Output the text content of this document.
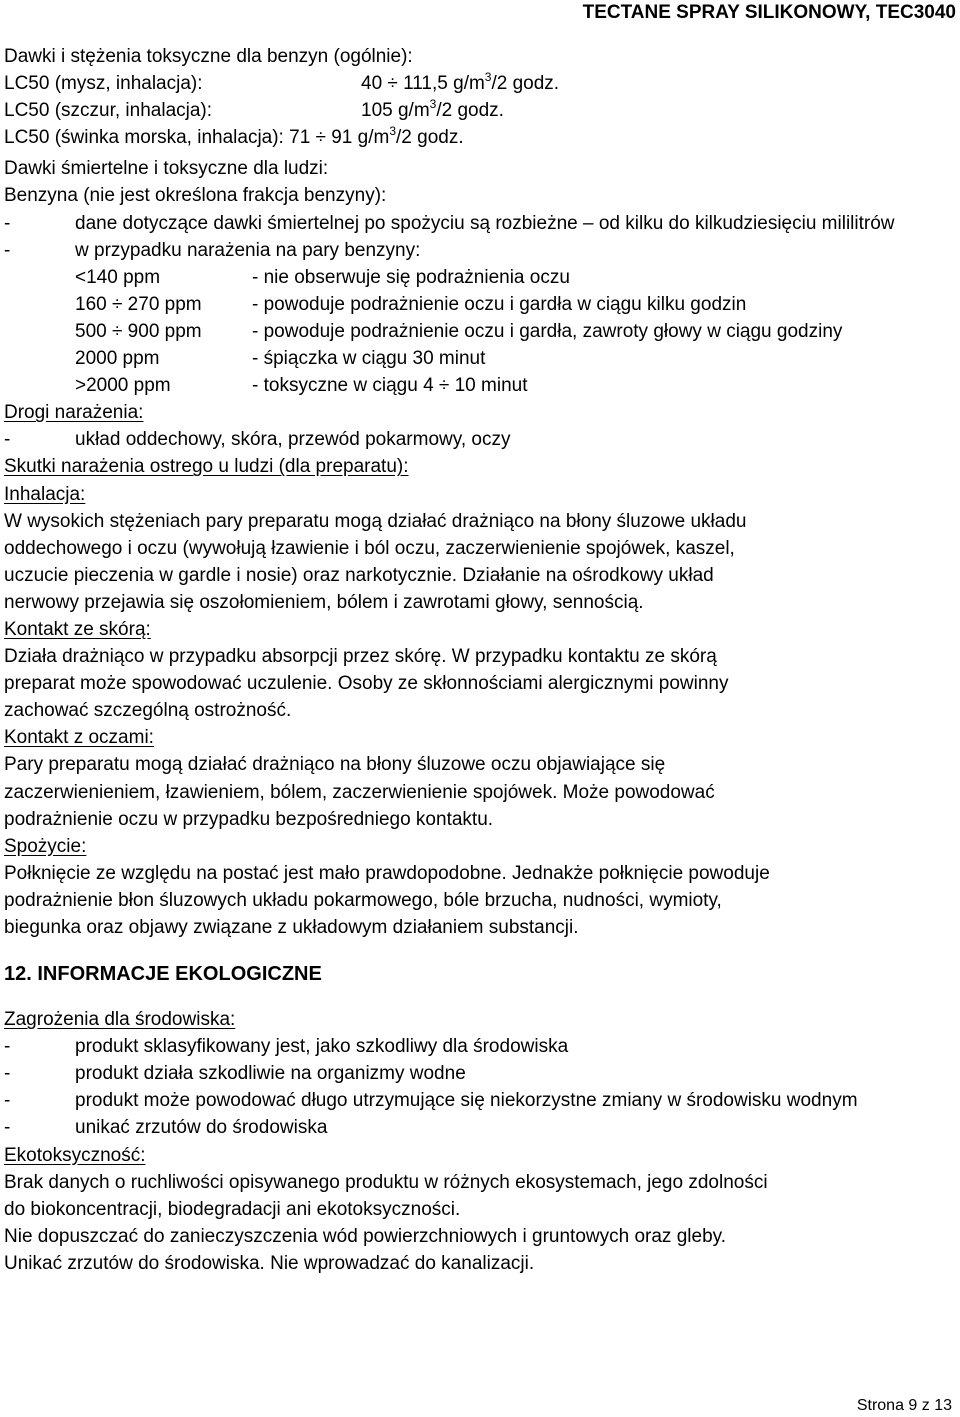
TECTANE SPRAY SILIKONOWY, TEC3040
Dawki i stężenia toksyczne dla benzyn (ogólnie):
LC50 (mysz, inhalacja):	40 ÷ 111,5 $g/m^3/2$ godz.
LC50 (szczur, inhalacja):	105 $g/m^3/2$ godz.
LC50 (świnka morska, inhalacja): 71 ÷ 91 $g/m^3/2$ godz.
Dawki śmiertelne i toksyczne dla ludzi:
Benzyna (nie jest określona frakcja benzyny):
-	dane dotyczące dawki śmiertelnej po spożyciu są rozbieżne – od kilku do kilkudziesięciu mililitrów
-	w przypadku narażenia na pary benzyny:
<140 ppm	- nie obserwuje się podrażnienia oczu
160 ÷ 270 ppm	- powoduje podrażnienie oczu i gardła w ciągu kilku godzin
500 ÷ 900 ppm	- powoduje podrażnienie oczu i gardła, zawroty głowy w ciągu godziny
2000 ppm	- śpiączka w ciągu 30 minut
>2000 ppm	- toksyczne w ciągu 4 ÷ 10 minut
Drogi narażenia:
-	układ oddechowy, skóra, przewód pokarmowy, oczy
Skutki narażenia ostrego u ludzi (dla preparatu):
Inhalacja:
W wysokich stężeniach pary preparatu mogą działać drażniąco na błony śluzowe układu
oddechowego i oczu (wywołują łzawienie i ból oczu, zaczerwienienie spojówek, kaszel,
uczucie pieczenia w gardle i nosie) oraz narkotycznie. Działanie na ośrodkowy układ
nerwowy przejawia się oszołomieniem, bólem i zawrotami głowy, sennością.
Kontakt ze skórą:
Działa drażniąco w przypadku absorpcji przez skórę. W przypadku kontaktu ze skórą
preparat może spowodować uczulenie. Osoby ze skłonnościami alergicznymi powinny
zachować szczególną ostrożność.
Kontakt z oczami:
Pary preparatu mogą działać drażniąco na błony śluzowe oczu objawiające się
zaczerwienieniem, łzawieniem, bólem, zaczerwienienie spojówek. Może powodować
podrażnienie oczu w przypadku bezpośredniego kontaktu.
Spożycie:
Połknięcie ze względu na postać jest mało prawdopodobne. Jednakże połknięcie powoduje
podrażnienie błon śluzowych układu pokarmowego, bóle brzucha, nudności, wymioty,
biegunka oraz objawy związane z układowym działaniem substancji.
12. INFORMACJE EKOLOGICZNE
Zagrożenia dla środowiska:
-	produkt sklasyfikowany jest, jako szkodliwy dla środowiska
-	produkt działa szkodliwie na organizmy wodne
-	produkt może powodować długo utrzymujące się niekorzystne zmiany w środowisku wodnym
-	unikać zrzutów do środowiska
Ekotoksyczność:
Brak danych o ruchliwości opisywanego produktu w różnych ekosystemach, jego zdolności
do biokoncentracji, biodegradacji ani ekotoksyczności.
Nie dopuszczać do zanieczyszczenia wód powierzchniowych i gruntowych oraz gleby.
Unikać zrzutów do środowiska. Nie wprowadzać do kanalizacji.
Strona 9 z 13
